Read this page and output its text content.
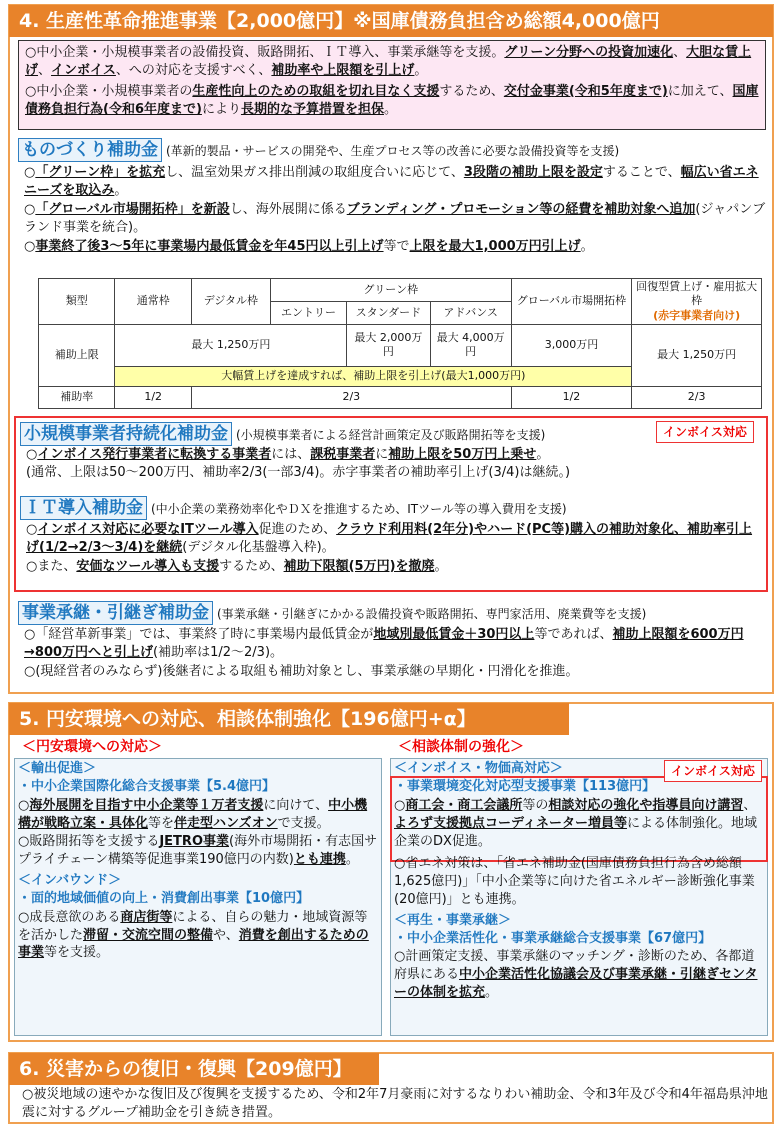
4. 生産性革命推進事業【2,000億円】※国庫債務負担含め総額4,000億円

○中小企業・小規模事業者の設備投資、販路開拓、ＩＴ導入、事業承継等を支援。グリーン分野への投資加速化、大胆な賃上げ、インボイス、への対応を支援すべく、補助率や上限額を引上げ。

○中小企業・小規模事業者の生産性向上のための取組を切れ目なく支援するため、交付金事業(令和5年度まで)に加えて、国庫債務負担行為(令和6年度まで)により長期的な予算措置を担保。

ものづくり補助金 (革新的製品・サービスの開発や、生産プロセス等の改善に必要な設備投資等を支援)

○「グリーン枠」を拡充し、温室効果ガス排出削減の取組度合いに応じて、3段階の補助上限を設定することで、幅広い省エネニーズを取込み。

○「グローバル市場開拓枠」を新設し、海外展開に係るブランディング・プロモーション等の経費を補助対象へ追加(ジャパンブランド事業を統合)。

○事業終了後3～5年に事業場内最低賃金を年45円以上引上げ等で上限を最大1,000万円引上げ。

類型	通常枠	デジタル枠	グリーン枠			グローバル市場開拓枠	回復型賃上げ・雇用拡大枠
(赤字事業者向け)
			エントリー	スタンダード	アドバンス		
補助上限	最大 1,250万円			最大 2,000万円	最大 4,000万円	3,000万円	最大 1,250万円
	大幅賃上げを達成すれば、補助上限を引上げ(最大1,000万円)						
補助率	1/2	2/3				1/2	2/3
インボイス対応
小規模事業者持続化補助金 (小規模事業者による経営計画策定及び販路開拓等を支援)

○インボイス発行事業者に転換する事業者には、課税事業者に補助上限を50万円上乗せ。

(通常、上限は50～200万円、補助率2/3(一部3/4)。赤字事業者の補助率引上げ(3/4)は継続。)

ＩＴ導入補助金 (中小企業の業務効率化やＤＸを推進するため、ITツール等の導入費用を支援)

○インボイス対応に必要なITツール導入促進のため、クラウド利用料(2年分)やハード(PC等)購入の補助対象化、補助率引上げ(1/2→2/3～3/4)を継続(デジタル化基盤導入枠)。

○また、安価なツール導入も支援するため、補助下限額(5万円)を撤廃。

事業承継・引継ぎ補助金 (事業承継・引継ぎにかかる設備投資や販路開拓、専門家活用、廃業費等を支援)

○「経営革新事業」では、事業終了時に事業場内最低賃金が地域別最低賃金＋30円以上等であれば、補助上限額を600万円→800万円へと引上げ(補助率は1/2～2/3)。

○(現経営者のみならず)後継者による取組も補助対象とし、事業承継の早期化・円滑化を推進。

5. 円安環境への対応、相談体制強化【196億円+α】
＜円安環境への対応＞	＜相談体制の強化＞
＜輸出促進＞
・中小企業国際化総合支援事業【5.4億円】

○海外展開を目指す中小企業等１万者支援に向けて、中小機構が戦略立案・具体化等を伴走型ハンズオンで支援。

○販路開拓等を支援するJETRO事業(海外市場開拓・有志国サプライチェーン構築等促進事業190億円の内数)とも連携。

＜インバウンド＞
・面的地域価値の向上・消費創出事業【10億円】

○成長意欲のある商店街等による、自らの魅力・地域資源等を活かした滞留・交流空間の整備や、消費を創出するための事業等を支援。

インボイス対応
＜インボイス・物価高対応＞
・事業環境変化対応型支援事業【113億円】

○商工会・商工会議所等の相談対応の強化や指導員向け講習、よろず支援拠点コーディネーター増員等による体制強化。地域企業のDX促進。

○省エネ対策は、「省エネ補助金(国庫債務負担行為含め総額1,625億円)」「中小企業等に向けた省エネルギー診断強化事業(20億円)」とも連携。

＜再生・事業承継＞
・中小企業活性化・事業承継総合支援事業【67億円】

○計画策定支援、事業承継のマッチング・診断のため、各都道府県にある中小企業活性化協議会及び事業承継・引継ぎセンターの体制を拡充。

6. 災害からの復旧・復興【209億円】
○被災地域の速やかな復旧及び復興を支援するため、令和2年7月豪雨に対するなりわい補助金、令和3年及び令和4年福島県沖地震に対するグループ補助金を引き続き措置。
